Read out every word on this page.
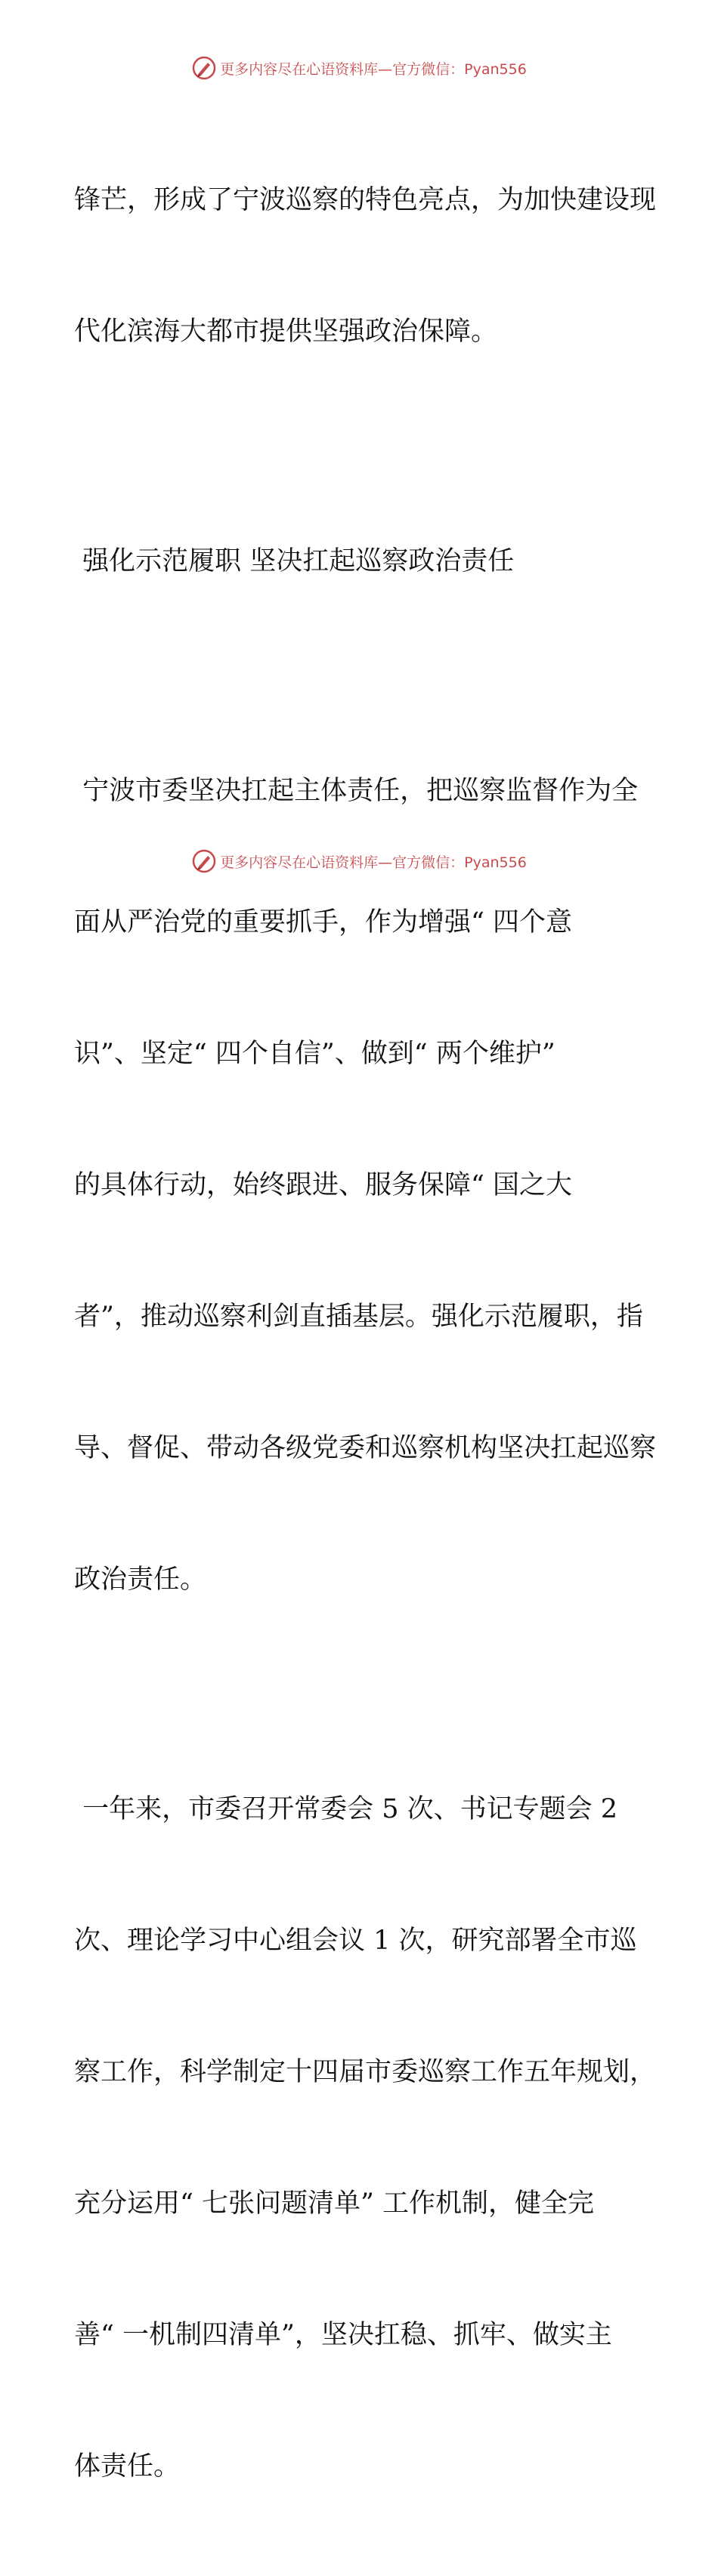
更多内容尽在心语资料库—官方微信：Pyan556

锋芒，形成了宁波巡察的特色亮点，为加快建设现

代化滨海大都市提供坚强政治保障。

强化示范履职 坚决扛起巡察政治责任

宁波市委坚决扛起主体责任，把巡察监督作为全

面从严治党的重要抓手，作为增强“ 四个意

识”、坚定“ 四个自信”、做到“ 两个维护”

的具体行动，始终跟进、服务保障“ 国之大

者”，推动巡察利剑直插基层。强化示范履职，指

导、督促、带动各级党委和巡察机构坚决扛起巡察

政治责任。

一年来，市委召开常委会 5 次、书记专题会 2

次、理论学习中心组会议 1 次，研究部署全市巡

察工作，科学制定十四届市委巡察工作五年规划，

充分运用“ 七张问题清单” 工作机制，健全完

善“ 一机制四清单”，坚决扛稳、抓牢、做实主

体责任。

更多内容尽在心语资料库—官方微信：Pyan556
